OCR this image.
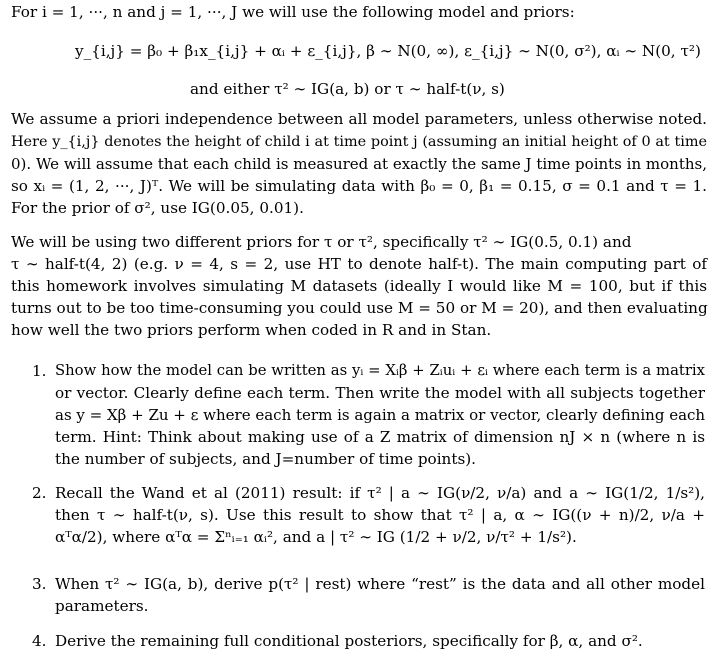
For i = 1, ···, n and j = 1, ···, J we will use the following model and priors:
y_{i,j} = β₀ + β₁x_{i,j} + αᵢ + ε_{i,j}, β ∼ N(0, ∞), ε_{i,j} ∼ N(0, σ²), αᵢ ∼ N(0, τ²)
and either τ² ∼ IG(a, b) or τ ∼ half-t(ν, s)
We assume a priori independence between all model parameters, unless otherwise noted.
Here y_{i,j} denotes the height of child i at time point j (assuming an initial height of 0 at time
0). We will assume that each child is measured at exactly the same J time points in months,
so xᵢ = (1, 2, ···, J)ᵀ. We will be simulating data with β₀ = 0, β₁ = 0.15, σ = 0.1 and τ = 1.
For the prior of σ², use IG(0.05, 0.01).
We will be using two different priors for τ or τ², specifically τ² ∼ IG(0.5, 0.1) and
τ ∼ half-t(4, 2) (e.g. ν = 4, s = 2, use HT to denote half-t). The main computing part of
this homework involves simulating M datasets (ideally I would like M = 100, but if this
turns out to be too time-consuming you could use M = 50 or M = 20), and then evaluating
how well the two priors perform when coded in R and in Stan.
1. Show how the model can be written as yᵢ = Xᵢβ + Zᵢuᵢ + εᵢ where each term is a matrix
or vector. Clearly define each term. Then write the model with all subjects together
as y = Xβ + Zu + ε where each term is again a matrix or vector, clearly defining each
term. Hint: Think about making use of a Z matrix of dimension nJ × n (where n is
the number of subjects, and J=number of time points).
2. Recall the Wand et al (2011) result: if τ² | a ∼ IG(ν/2, ν/a) and a ∼ IG(1/2, 1/s²),
then τ ∼ half-t(ν, s). Use this result to show that τ² | a, α ∼ IG((ν + n)/2, ν/a +
αᵀα/2), where αᵀα = Σⁿᵢ₌₁ αᵢ², and a | τ² ∼ IG (1/2 + ν/2, ν/τ² + 1/s²).
3. When τ² ∼ IG(a, b), derive p(τ² | rest) where “rest” is the data and all other model
parameters.
4. Derive the remaining full conditional posteriors, specifically for β, α, and σ².
